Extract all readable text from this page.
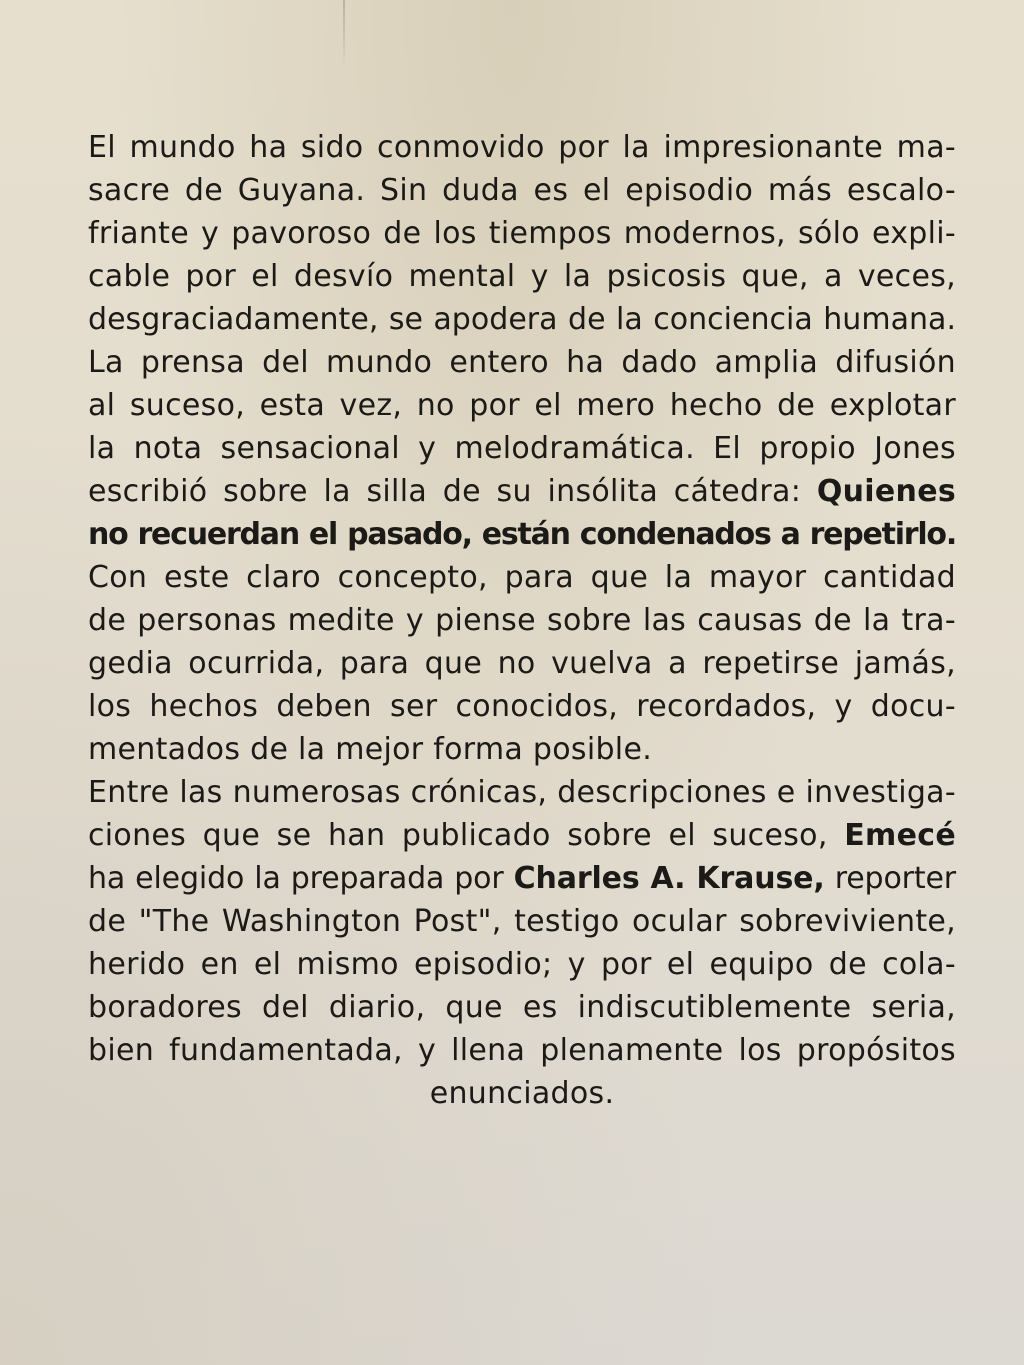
El mundo ha sido conmovido por la impresionante ma-
sacre de Guyana. Sin duda es el episodio más escalo-
friante y pavoroso de los tiempos modernos, sólo expli-
cable por el desvío mental y la psicosis que, a veces,
desgraciadamente, se apodera de la conciencia humana.
La prensa del mundo entero ha dado amplia difusión
al suceso, esta vez, no por el mero hecho de explotar
la nota sensacional y melodramática. El propio Jones
escribió sobre la silla de su insólita cátedra: Quienes
no recuerdan el pasado, están condenados a repetirlo.
Con este claro concepto, para que la mayor cantidad
de personas medite y piense sobre las causas de la tra-
gedia ocurrida, para que no vuelva a repetirse jamás,
los hechos deben ser conocidos, recordados, y docu-
mentados de la mejor forma posible.
Entre las numerosas crónicas, descripciones e investiga-
ciones que se han publicado sobre el suceso, Emecé
ha elegido la preparada por Charles A. Krause, reporter
de "The Washington Post", testigo ocular sobreviviente,
herido en el mismo episodio; y por el equipo de cola-
boradores del diario, que es indiscutiblemente seria,
bien fundamentada, y llena plenamente los propósitos
enunciados.
